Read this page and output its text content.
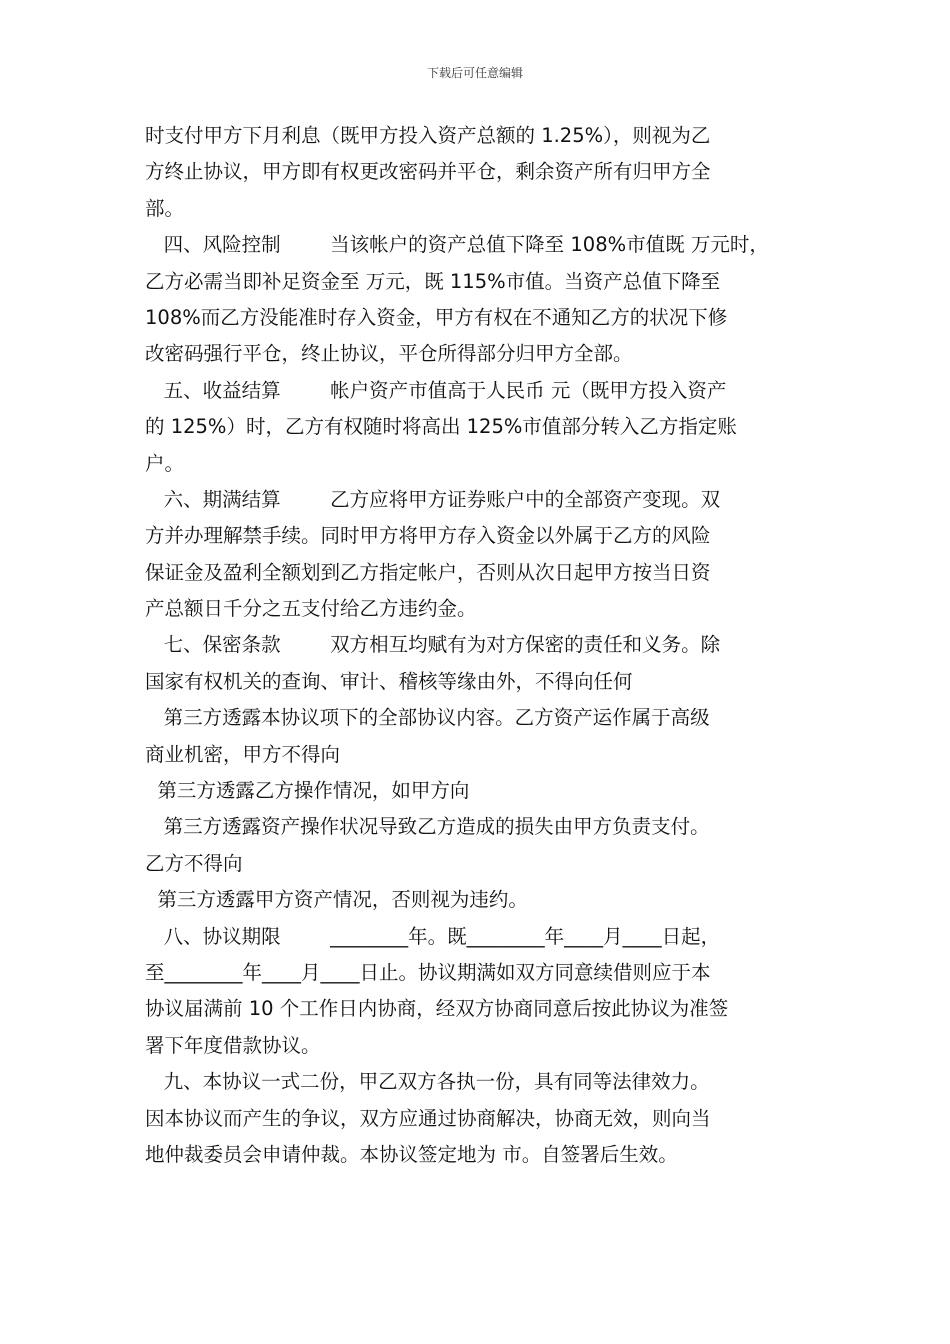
下载后可任意编辑
时支付甲方下月利息（既甲方投入资产总额的 1.25%），则视为乙
方终止协议，甲方即有权更改密码并平仓，剩余资产所有归甲方全
部。
四、风险控制        当该帐户的资产总值下降至 108%市值既 万元时，
乙方必需当即补足资金至 万元，既 115%市值。当资产总值下降至
108%而乙方没能准时存入资金，甲方有权在不通知乙方的状况下修
改密码强行平仓，终止协议，平仓所得部分归甲方全部。
五、收益结算        帐户资产市值高于人民币 元（既甲方投入资产
的 125%）时，乙方有权随时将高出 125%市值部分转入乙方指定账
户。
六、期满结算        乙方应将甲方证券账户中的全部资产变现。双
方并办理解禁手续。同时甲方将甲方存入资金以外属于乙方的风险
保证金及盈利全额划到乙方指定帐户，否则从次日起甲方按当日资
产总额日千分之五支付给乙方违约金。
七、保密条款        双方相互均赋有为对方保密的责任和义务。除
国家有权机关的查询、审计、稽核等缘由外，不得向任何
第三方透露本协议项下的全部协议内容。乙方资产运作属于高级
商业机密，甲方不得向
第三方透露乙方操作情况，如甲方向
第三方透露资产操作状况导致乙方造成的损失由甲方负责支付。
乙方不得向
第三方透露甲方资产情况，否则视为违约。
八、协议期限        ________年。既________年____月____日起，
至________年____月____日止。协议期满如双方同意续借则应于本
协议届满前 10 个工作日内协商，经双方协商同意后按此协议为准签
署下年度借款协议。
九、本协议一式二份，甲乙双方各执一份，具有同等法律效力。
因本协议而产生的争议，双方应通过协商解决，协商无效，则向当
地仲裁委员会申请仲裁。本协议签定地为 市。自签署后生效。
